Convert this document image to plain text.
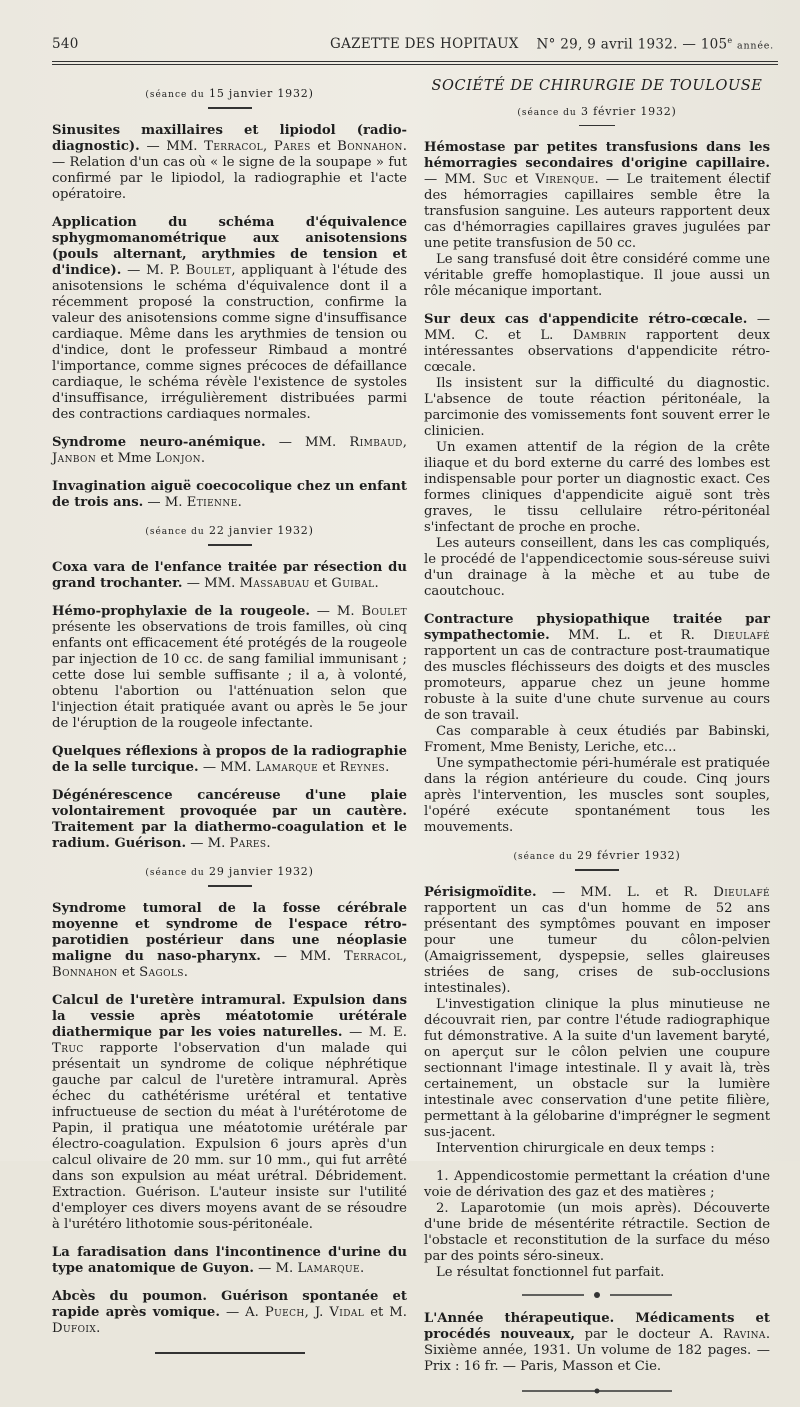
540	GAZETTE DES HOPITAUX N° 29, 9 avril 1932. — 105e année.
(séance du 15 janvier 1932)

Sinusites maxillaires et lipiodol (radio-diagnostic). — MM. Terracol, Pares et Bonnahon. — Relation d'un cas où « le signe de la soupape » fut confirmé par le lipiodol, la radiographie et l'acte opératoire.

Application du schéma d'équivalence sphygmomanométrique aux anisotensions (pouls alternant, arythmies de tension et d'indice). — M. P. Boulet, appliquant à l'étude des anisotensions le schéma d'équivalence dont il a récemment proposé la construction, confirme la valeur des anisotensions comme signe d'insuffisance cardiaque. Même dans les arythmies de tension ou d'indice, dont le professeur Rimbaud a montré l'importance, comme signes précoces de défaillance cardiaque, le schéma révèle l'existence de systoles d'insuffisance, irrégulièrement distribuées parmi des contractions cardiaques normales.

Syndrome neuro-anémique. — MM. Rimbaud, Janbon et Mme Lonjon.

Invagination aiguë coecocolique chez un enfant de trois ans. — M. Etienne.

(séance du 22 janvier 1932)

Coxa vara de l'enfance traitée par résection du grand trochanter. — MM. Massabuau et Guibal.

Hémo-prophylaxie de la rougeole. — M. Boulet présente les observations de trois familles, où cinq enfants ont efficacement été protégés de la rougeole par injection de 10 cc. de sang familial immunisant ; cette dose lui semble suffisante ; il a, à volonté, obtenu l'abortion ou l'atténuation selon que l'injection était pratiquée avant ou après le 5e jour de l'éruption de la rougeole infectante.

Quelques réflexions à propos de la radiographie de la selle turcique. — MM. Lamarque et Reynes.

Dégénérescence cancéreuse d'une plaie volontairement provoquée par un cautère. Traitement par la diathermo-coagulation et le radium. Guérison. — M. Pares.

(séance du 29 janvier 1932)

Syndrome tumoral de la fosse cérébrale moyenne et syndrome de l'espace rétro-parotidien postérieur dans une néoplasie maligne du naso-pharynx. — MM. Terracol, Bonnahon et Sagols.

Calcul de l'uretère intramural. Expulsion dans la vessie après méatotomie urétérale diathermique par les voies naturelles. — M. E. Truc rapporte l'observation d'un malade qui présentait un syndrome de colique néphrétique gauche par calcul de l'uretère intramural. Après échec du cathétérisme urétéral et tentative infructueuse de section du méat à l'urétérotome de Papin, il pratiqua une méatotomie urétérale par électro-coagulation. Expulsion 6 jours après d'un calcul olivaire de 20 mm. sur 10 mm., qui fut arrêté dans son expulsion au méat urétral. Débridement. Extraction. Guérison. L'auteur insiste sur l'utilité d'employer ces divers moyens avant de se résoudre à l'urétéro lithotomie sous-péritonéale.

La faradisation dans l'incontinence d'urine du type anatomique de Guyon. — M. Lamarque.

Abcès du poumon. Guérison spontanée et rapide après vomique. — A. Puech, J. Vidal et M. Dufoix.

SOCIÉTÉ DE CHIRURGIE DE TOULOUSE
(séance du 3 février 1932)

Hémostase par petites transfusions dans les hémorragies secondaires d'origine capillaire. — MM. Suc et Virenque. — Le traitement électif des hémorragies capillaires semble être la transfusion sanguine. Les auteurs rapportent deux cas d'hémorragies capillaires graves jugulées par une petite transfusion de 50 cc.

Le sang transfusé doit être considéré comme une véritable greffe homoplastique. Il joue aussi un rôle mécanique important.

Sur deux cas d'appendicite rétro-cœcale. — MM. C. et L. Dambrin rapportent deux intéressantes observations d'appendicite rétro-cœcale.

Ils insistent sur la difficulté du diagnostic. L'absence de toute réaction péritonéale, la parcimonie des vomissements font souvent errer le clinicien.

Un examen attentif de la région de la crête iliaque et du bord externe du carré des lombes est indispensable pour porter un diagnostic exact. Ces formes cliniques d'appendicite aiguë sont très graves, le tissu cellulaire rétro-péritonéal s'infectant de proche en proche.

Les auteurs conseillent, dans les cas compliqués, le procédé de l'appendicectomie sous-séreuse suivi d'un drainage à la mèche et au tube de caoutchouc.

Contracture physiopathique traitée par sympathectomie. MM. L. et R. Dieulafé rapportent un cas de contracture post-traumatique des muscles fléchisseurs des doigts et des muscles promoteurs, apparue chez un jeune homme robuste à la suite d'une chute survenue au cours de son travail.

Cas comparable à ceux étudiés par Babinski, Froment, Mme Benisty, Leriche, etc...

Une sympathectomie péri-humérale est pratiquée dans la région antérieure du coude. Cinq jours après l'intervention, les muscles sont souples, l'opéré exécute spontanément tous les mouvements.

(séance du 29 février 1932)

Périsigmoïdite. — MM. L. et R. Dieulafé rapportent un cas d'un homme de 52 ans présentant des symptômes pouvant en imposer pour une tumeur du côlon-pelvien (Amaigrissement, dyspepsie, selles glaireuses striées de sang, crises de sub-occlusions intestinales).

L'investigation clinique la plus minutieuse ne découvrait rien, par contre l'étude radiographique fut démonstrative. A la suite d'un lavement baryté, on aperçut sur le côlon pelvien une coupure sectionnant l'image intestinale. Il y avait là, très certainement, un obstacle sur la lumière intestinale avec conservation d'une petite filière, permettant à la gélobarine d'imprégner le segment sus-jacent.

Intervention chirurgicale en deux temps :

1. Appendicostomie permettant la création d'une voie de dérivation des gaz et des matières ;

2. Laparotomie (un mois après). Découverte d'une bride de mésentérite rétractile. Section de l'obstacle et reconstitution de la surface du méso par des points séro-sineux.

Le résultat fonctionnel fut parfait.

L'Année thérapeutique. Médicaments et procédés nouveaux, par le docteur A. Ravina. Sixième année, 1931. Un volume de 182 pages. — Prix : 16 fr. — Paris, Masson et Cie.
